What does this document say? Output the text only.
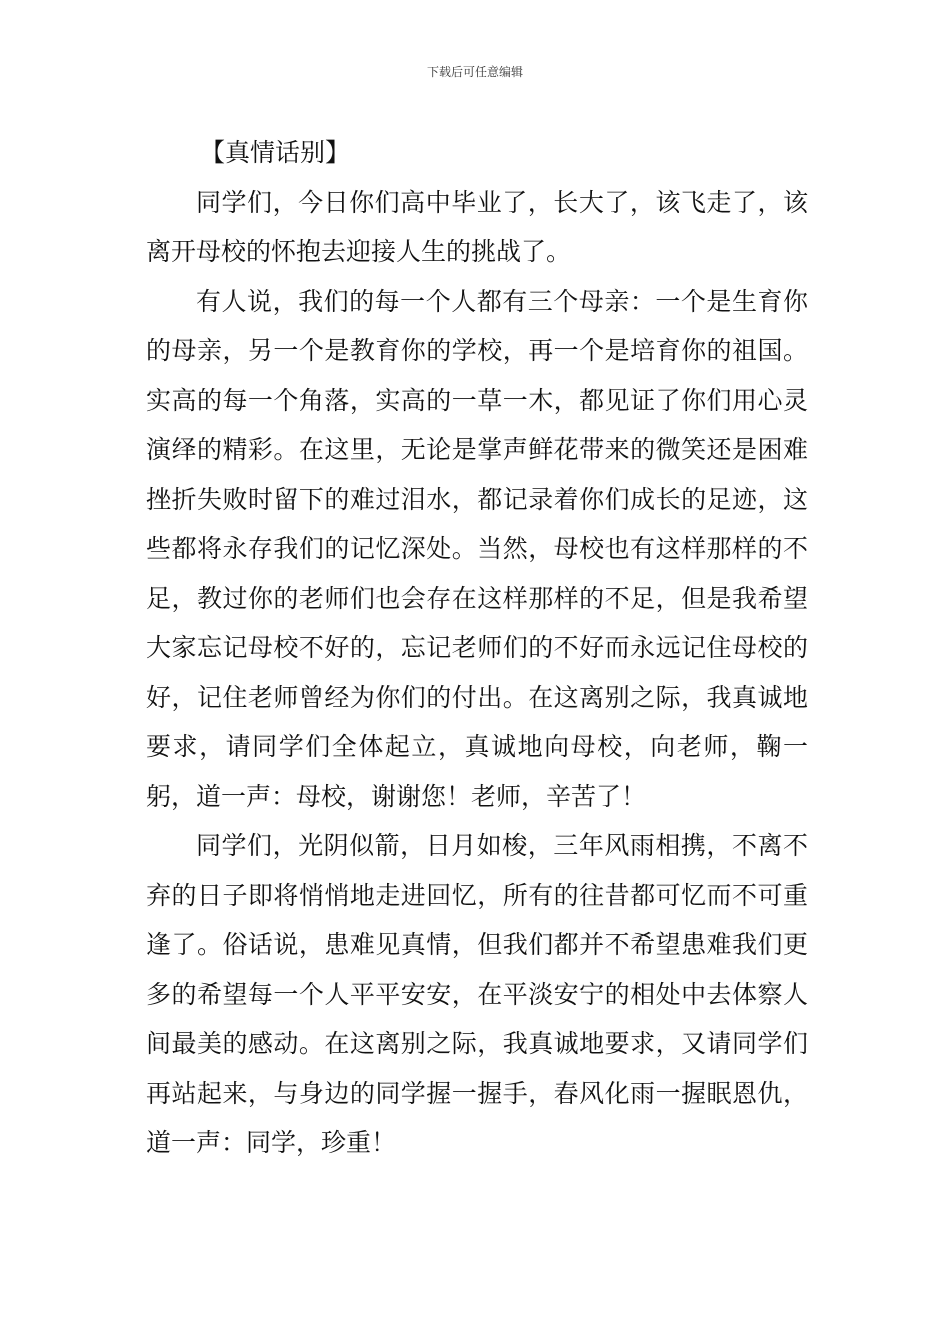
下载后可任意编辑
【真情话别】

同学们，今日你们高中毕业了，长大了，该飞走了，该离开母校的怀抱去迎接人生的挑战了。

有人说，我们的每一个人都有三个母亲：一个是生育你的母亲，另一个是教育你的学校，再一个是培育你的祖国。实高的每一个角落，实高的一草一木，都见证了你们用心灵演绎的精彩。在这里，无论是掌声鲜花带来的微笑还是困难挫折失败时留下的难过泪水，都记录着你们成长的足迹，这些都将永存我们的记忆深处。当然，母校也有这样那样的不足，教过你的老师们也会存在这样那样的不足，但是我希望大家忘记母校不好的，忘记老师们的不好而永远记住母校的好，记住老师曾经为你们的付出。在这离别之际，我真诚地要求，请同学们全体起立，真诚地向母校，向老师，鞠一躬，道一声：母校，谢谢您！老师，辛苦了！

同学们，光阴似箭，日月如梭，三年风雨相携，不离不弃的日子即将悄悄地走进回忆，所有的往昔都可忆而不可重逢了。俗话说，患难见真情，但我们都并不希望患难我们更多的希望每一个人平平安安，在平淡安宁的相处中去体察人间最美的感动。在这离别之际，我真诚地要求，又请同学们再站起来，与身边的同学握一握手，春风化雨一握眠恩仇，道一声：同学，珍重！
